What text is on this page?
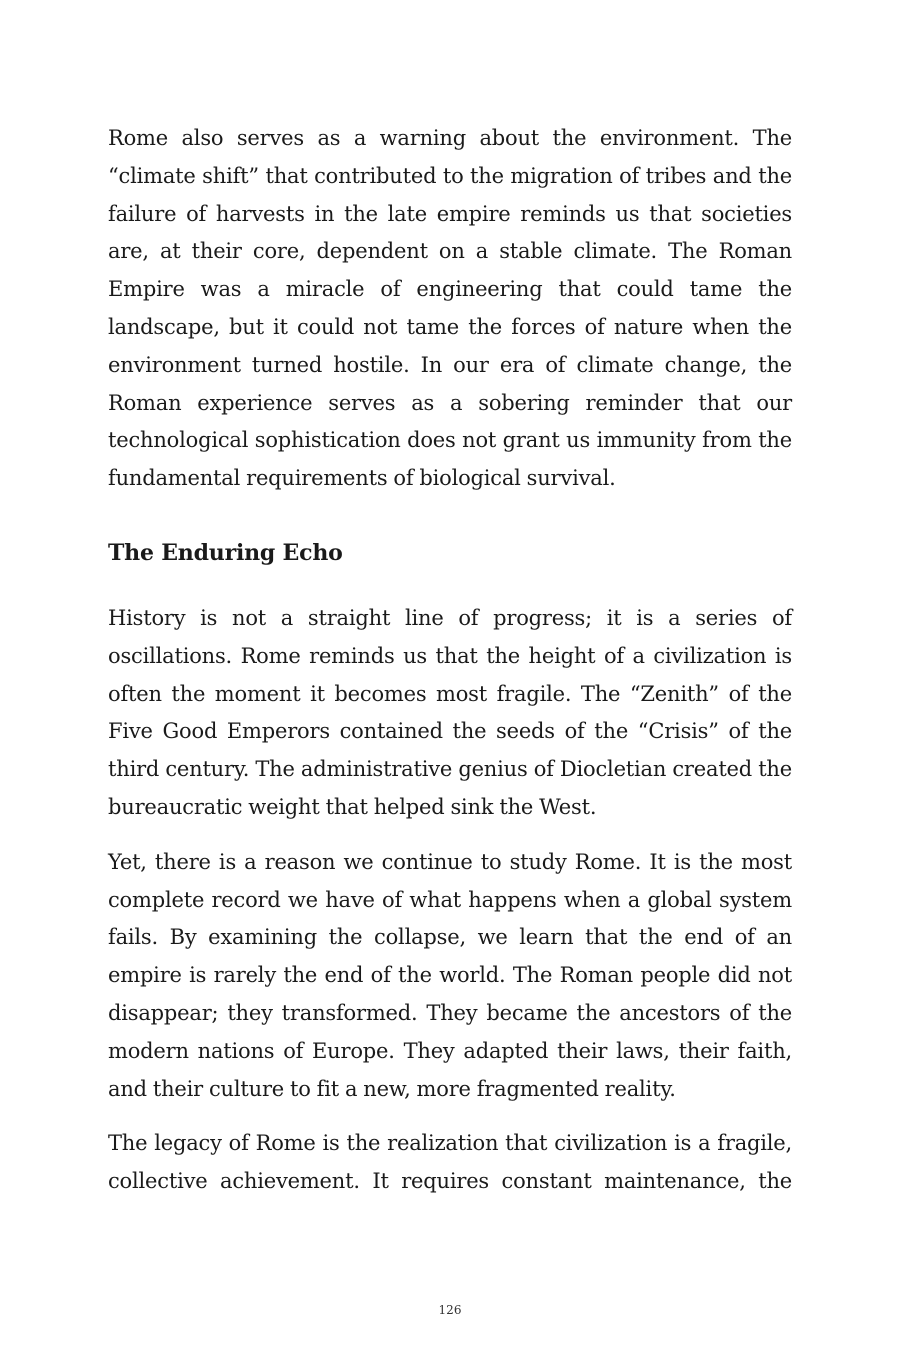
Rome also serves as a warning about the environment. The “climate shift” that contributed to the migration of tribes and the failure of harvests in the late empire reminds us that societies are, at their core, dependent on a stable climate. The Roman Empire was a miracle of engineering that could tame the landscape, but it could not tame the forces of nature when the environment turned hostile. In our era of climate change, the Roman experience serves as a sobering reminder that our technological sophistication does not grant us immunity from the fundamental requirements of biological survival.

The Enduring Echo

History is not a straight line of progress; it is a series of oscillations. Rome reminds us that the height of a civilization is often the moment it becomes most fragile. The “Zenith” of the Five Good Emperors contained the seeds of the “Crisis” of the third century. The administrative genius of Diocletian created the bureaucratic weight that helped sink the West.

Yet, there is a reason we continue to study Rome. It is the most complete record we have of what happens when a global system fails. By examining the collapse, we learn that the end of an empire is rarely the end of the world. The Roman people did not disappear; they transformed. They became the ancestors of the modern nations of Europe. They adapted their laws, their faith, and their culture to fit a new, more fragmented reality.

The legacy of Rome is the realization that civilization is a fragile, collective achievement. It requires constant maintenance, the

126
